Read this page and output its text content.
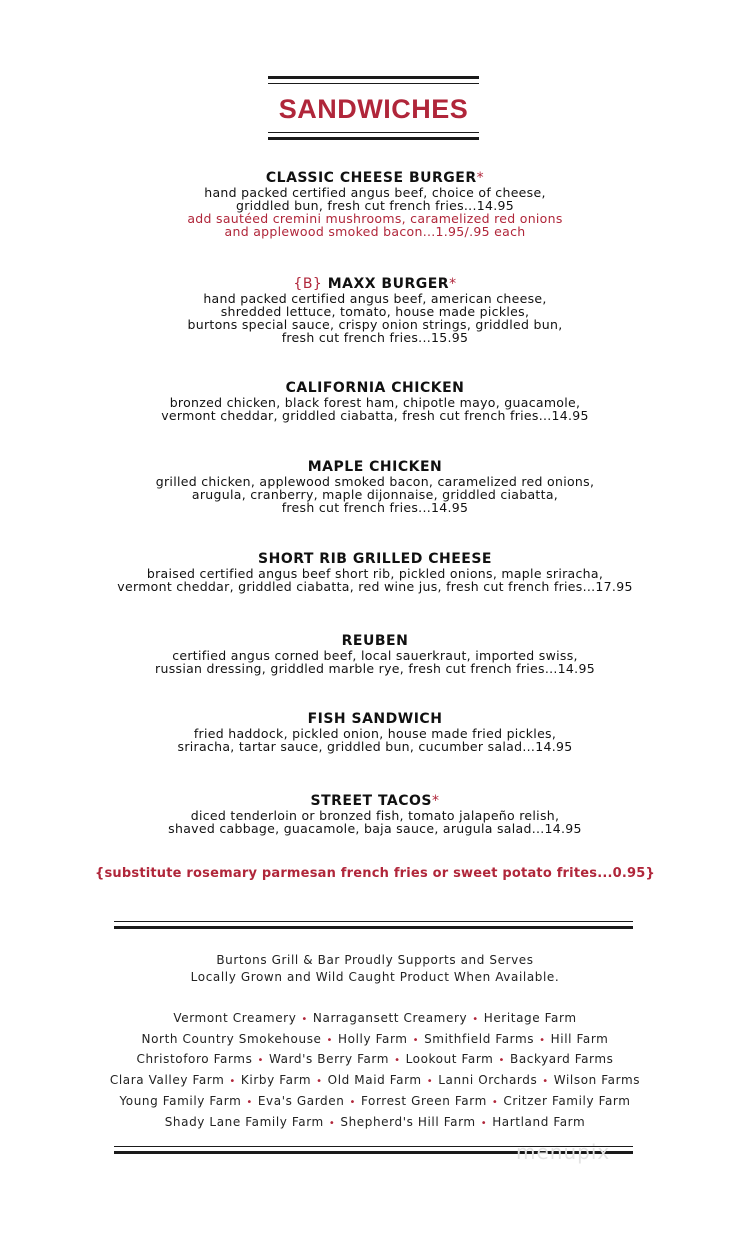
SANDWICHES
CLASSIC CHEESE BURGER*
hand packed certified angus beef, choice of cheese,
griddled bun, fresh cut french fries...14.95
add sautéed cremini mushrooms, caramelized red onions
and applewood smoked bacon...1.95/.95 each
{B} MAXX BURGER*
hand packed certified angus beef, american cheese,
shredded lettuce, tomato, house made pickles,
burtons special sauce, crispy onion strings, griddled bun,
fresh cut french fries...15.95
CALIFORNIA CHICKEN
bronzed chicken, black forest ham, chipotle mayo, guacamole,
vermont cheddar, griddled ciabatta, fresh cut french fries...14.95
MAPLE CHICKEN
grilled chicken, applewood smoked bacon, caramelized red onions,
arugula, cranberry, maple dijonnaise, griddled ciabatta,
fresh cut french fries...14.95
SHORT RIB GRILLED CHEESE
braised certified angus beef short rib, pickled onions, maple sriracha,
vermont cheddar, griddled ciabatta, red wine jus, fresh cut french fries...17.95
REUBEN
certified angus corned beef, local sauerkraut, imported swiss,
russian dressing, griddled marble rye, fresh cut french fries...14.95
FISH SANDWICH
fried haddock, pickled onion, house made fried pickles,
sriracha, tartar sauce, griddled bun, cucumber salad...14.95
STREET TACOS*
diced tenderloin or bronzed fish, tomato jalapeño relish,
shaved cabbage, guacamole, baja sauce, arugula salad...14.95
{substitute rosemary parmesan french fries or sweet potato frites...0.95}
Burtons Grill & Bar Proudly Supports and Serves
Locally Grown and Wild Caught Product When Available.
Vermont Creamery • Narragansett Creamery • Heritage Farm
North Country Smokehouse • Holly Farm • Smithfield Farms • Hill Farm
Christoforo Farms • Ward's Berry Farm • Lookout Farm • Backyard Farms
Clara Valley Farm • Kirby Farm • Old Maid Farm • Lanni Orchards • Wilson Farms
Young Family Farm • Eva's Garden • Forrest Green Farm • Critzer Family Farm
Shady Lane Family Farm • Shepherd's Hill Farm • Hartland Farm
menupix
